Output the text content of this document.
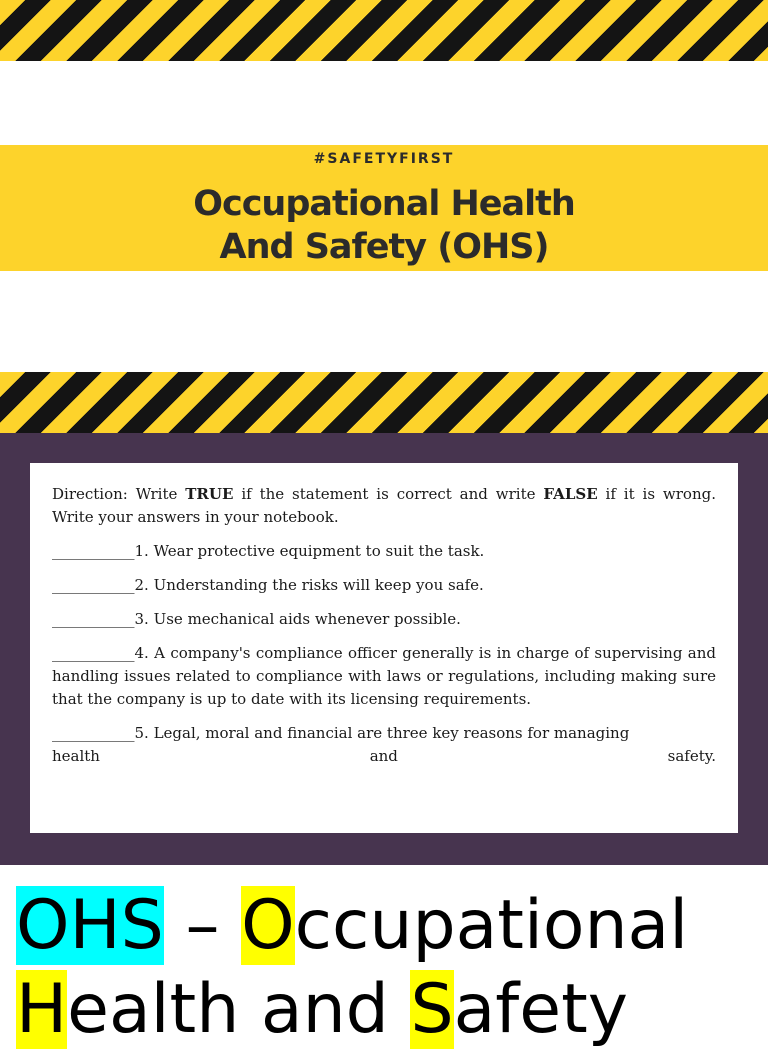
#SAFETYFIRST
Occupational Health
And Safety (OHS)

Direction: Write TRUE if the statement is correct and write FALSE if it is wrong. Write your answers in your notebook.

___________1. Wear protective equipment to suit the task.

___________2. Understanding the risks will keep you safe.

___________3. Use mechanical aids whenever possible.

___________4. A company's compliance officer generally is in charge of supervising and handling issues related to compliance with laws or regulations, including making sure that the company is up to date with its licensing requirements.

___________5. Legal, moral and financial are three key reasons for managing
health	and	safety.
OHS – Occupational
Health and Safety
